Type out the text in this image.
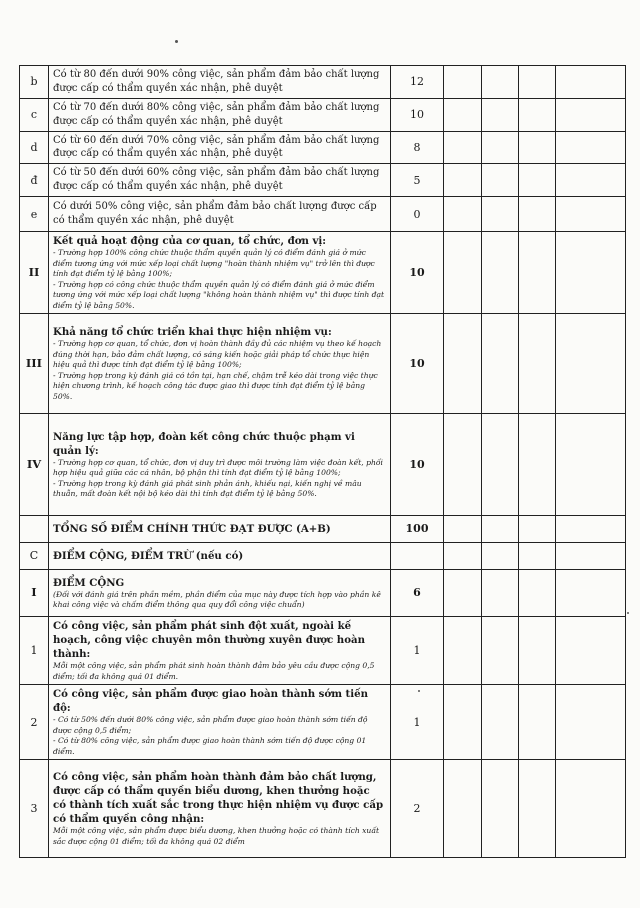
b	Có từ 80 đến dưới 90% công việc, sản phẩm đảm bảo chất lượng được cấp có thẩm quyền xác nhận, phê duyệt	12				
c	Có từ 70 đến dưới 80% công việc, sản phẩm đảm bảo chất lượng được cấp có thẩm quyền xác nhận, phê duyệt	10				
d	Có từ 60 đến dưới 70% công việc, sản phẩm đảm bảo chất lượng được cấp có thẩm quyền xác nhận, phê duyệt	8				
đ	Có từ 50 đến dưới 60% công việc, sản phẩm đảm bảo chất lượng được cấp có thẩm quyền xác nhận, phê duyệt	5				
e	Có dưới 50% công việc, sản phẩm đảm bảo chất lượng được cấp có thẩm quyền xác nhận, phê duyệt	0				
II	Kết quả hoạt động của cơ quan, tổ chức, đơn vị:
- Trường hợp 100% công chức thuộc thẩm quyền quản lý có điểm đánh giá ở mức điểm tương ứng với mức xếp loại chất lượng "hoàn thành nhiệm vụ" trở lên thì được tính đạt điểm tỷ lệ bằng 100%;
- Trường hợp có công chức thuộc thẩm quyền quản lý có điểm đánh giá ở mức điểm tương ứng với mức xếp loại chất lượng "không hoàn thành nhiệm vụ" thì được tính đạt điểm tỷ lệ bằng 50%.	10				
III	Khả năng tổ chức triển khai thực hiện nhiệm vụ:
- Trường hợp cơ quan, tổ chức, đơn vị hoàn thành đầy đủ các nhiệm vụ theo kế hoạch đúng thời hạn, bảo đảm chất lượng, có sáng kiến hoặc giải pháp tổ chức thực hiện hiệu quả thì được tính đạt điểm tỷ lệ bằng 100%;
- Trường hợp trong kỳ đánh giá có tồn tại, hạn chế, chậm trễ kéo dài trong việc thực hiện chương trình, kế hoạch công tác được giao thì được tính đạt điểm tỷ lệ bằng 50%.	10				
IV	Năng lực tập hợp, đoàn kết công chức thuộc phạm vi quản lý:
- Trường hợp cơ quan, tổ chức, đơn vị duy trì được môi trường làm việc đoàn kết, phối hợp hiệu quả giữa các cá nhân, bộ phận thì tính đạt điểm tỷ lệ bằng 100%;
- Trường hợp trong kỳ đánh giá phát sinh phản ánh, khiếu nại, kiến nghị về mâu thuẫn, mất đoàn kết nội bộ kéo dài thì tính đạt điểm tỷ lệ bằng 50%.	10				

	TỔNG SỐ ĐIỂM CHÍNH THỨC ĐẠT ĐƯỢC (A+B)	100				
C	ĐIỂM CỘNG, ĐIỂM TRỪ (nếu có)					

I	ĐIỂM CỘNG
(Đối với đánh giá trên phần mềm, phần điểm của mục này được tích hợp vào phần kê khai công việc và chấm điểm thông qua quy đổi công việc chuẩn)	6				
1	Có công việc, sản phẩm phát sinh đột xuất, ngoài kế hoạch, công việc chuyên môn thường xuyên được hoàn thành:
Mỗi một công việc, sản phẩm phát sinh hoàn thành đảm bảo yêu cầu được cộng 0,5 điểm; tối đa không quá 01 điểm.	1				
2	Có công việc, sản phẩm được giao hoàn thành sớm tiến độ:
- Có từ 50% đến dưới 80% công việc, sản phẩm được giao hoàn thành sớm tiến độ được cộng 0,5 điểm;
- Có từ 80% công việc, sản phẩm được giao hoàn thành sớm tiến độ được cộng 01 điểm.	1				
3	Có công việc, sản phẩm hoàn thành đảm bảo chất lượng, được cấp có thẩm quyền biểu dương, khen thưởng hoặc có thành tích xuất sắc trong thực hiện nhiệm vụ được cấp có thẩm quyền công nhận:
Mỗi một công việc, sản phẩm được biểu dương, khen thưởng hoặc có thành tích xuất sắc được cộng 01 điểm; tối đa không quá 02 điểm	2				
